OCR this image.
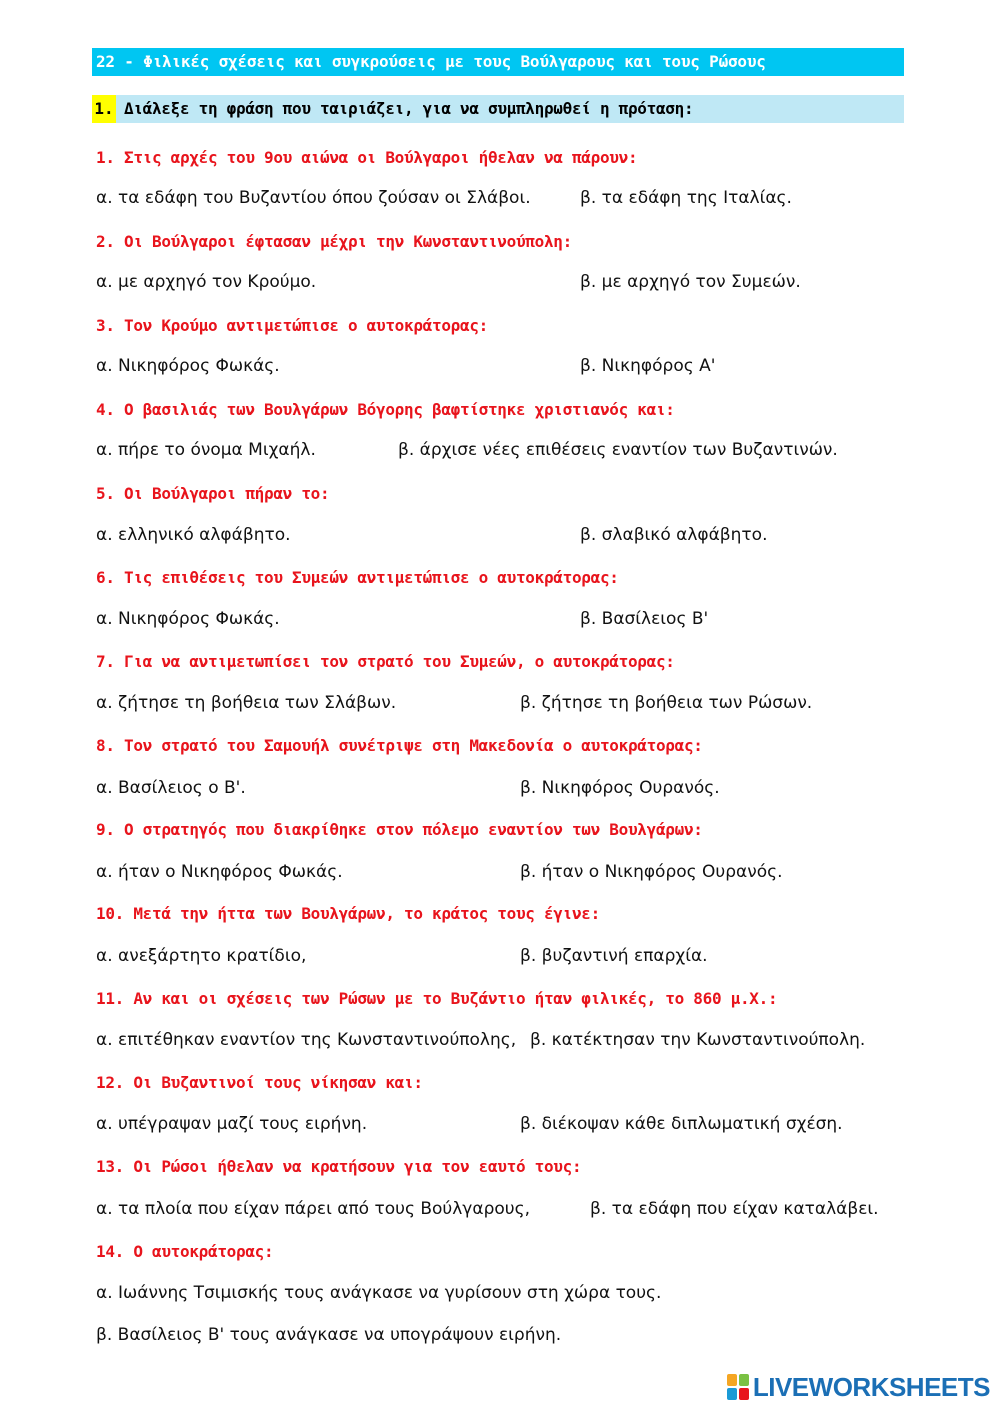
22 - Φιλικές σχέσεις και συγκρούσεις με τους Βούλγαρους και τους Ρώσους
1. Διάλεξε τη φράση που ταιριάζει, για να συμπληρωθεί η πρόταση:
1. Στις αρχές του 9ου αιώνα οι Βούλγαροι ήθελαν να πάρουν:
α. τα εδάφη του Βυζαντίου όπου ζούσαν οι Σλάβοι.	β. τα εδάφη της Ιταλίας.
2. Οι Βούλγαροι έφτασαν μέχρι την Κωνσταντινούπολη:
α. με αρχηγό τον Κρούμο.	β. με αρχηγό τον Συμεών.
3. Τον Κρούμο αντιμετώπισε ο αυτοκράτορας:
α. Νικηφόρος Φωκάς.	β. Νικηφόρος Α'
4. Ο βασιλιάς των Βουλγάρων Βόγορης βαφτίστηκε χριστιανός και:
α. πήρε το όνομα Μιχαήλ.	β. άρχισε νέες επιθέσεις εναντίον των Βυζαντινών.
5. Οι Βούλγαροι πήραν το:
α. ελληνικό αλφάβητο.	β. σλαβικό αλφάβητο.
6. Τις επιθέσεις του Συμεών αντιμετώπισε ο αυτοκράτορας:
α. Νικηφόρος Φωκάς.	β. Βασίλειος Β'
7. Για να αντιμετωπίσει τον στρατό του Συμεών, ο αυτοκράτορας:
α. ζήτησε τη βοήθεια των Σλάβων.	β. ζήτησε τη βοήθεια των Ρώσων.
8. Τον στρατό του Σαμουήλ συνέτριψε στη Μακεδονία ο αυτοκράτορας:
α. Βασίλειος ο Β'.	β. Νικηφόρος Ουρανός.
9. Ο στρατηγός που διακρίθηκε στον πόλεμο εναντίον των Βουλγάρων:
α. ήταν ο Νικηφόρος Φωκάς.	β. ήταν ο Νικηφόρος Ουρανός.
10. Μετά την ήττα των Βουλγάρων, το κράτος τους έγινε:
α. ανεξάρτητο κρατίδιο,	β. βυζαντινή επαρχία.
11. Αν και οι σχέσεις των Ρώσων με το Βυζάντιο ήταν φιλικές, το 860 μ.Χ.:
α. επιτέθηκαν εναντίον της Κωνσταντινούπολης, β. κατέκτησαν την Κωνσταντινούπολη.
12. Οι Βυζαντινοί τους νίκησαν και:
α. υπέγραψαν μαζί τους ειρήνη.	β. διέκοψαν κάθε διπλωματική σχέση.
13. Οι Ρώσοι ήθελαν να κρατήσουν για τον εαυτό τους:
α. τα πλοία που είχαν πάρει από τους Βούλγαρους,	β. τα εδάφη που είχαν καταλάβει.
14. Ο αυτοκράτορας:
α. Ιωάννης Τσιμισκής τους ανάγκασε να γυρίσουν στη χώρα τους.
β. Βασίλειος Β' τους ανάγκασε να υπογράψουν ειρήνη.
LIVEWORKSHEETS
